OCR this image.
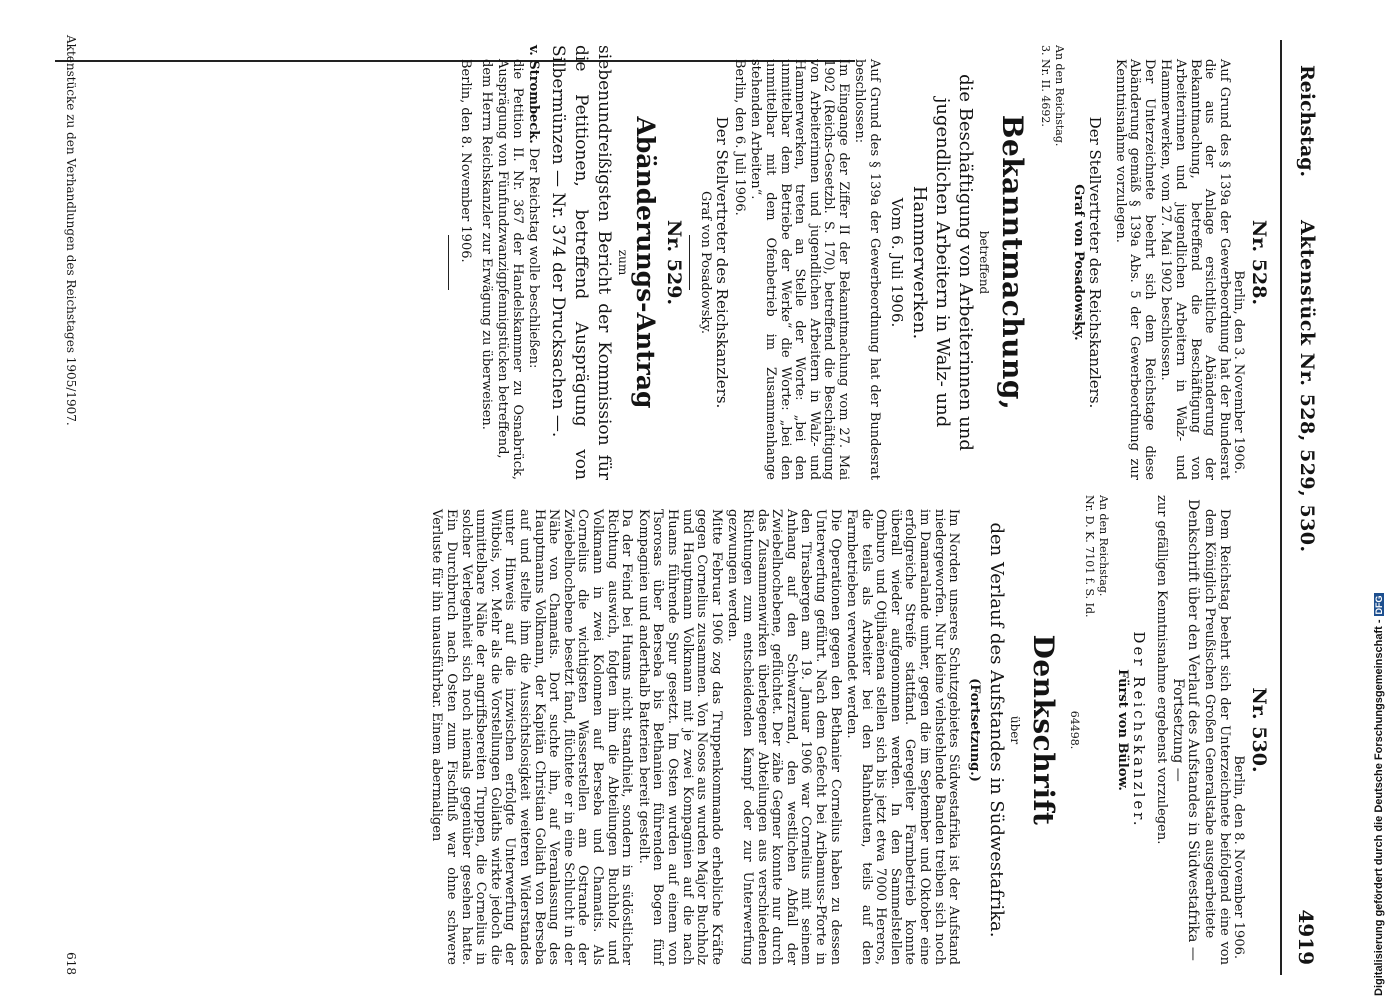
Reichstag.
Aktenstück Nr. 528, 529, 530.
4919
Nr. 528.
Berlin, den 3. November 1906.

Auf Grund des § 139a der Gewerbeordnung hat der Bundesrat die aus der Anlage ersichtliche Abänderung der Bekanntmachung, betreffend die Beschäftigung von Arbeiterinnen und jugendlichen Arbeitern in Walz- und Hammerwerken, vom 27. Mai 1902 beschlossen.

Der Unterzeichnete beehrt sich dem Reichstage diese Abänderung gemäß § 139a Abs. 5 der Gewerbeordnung zur Kenntnisnahme vorzulegen.

Der Stellvertreter des Reichskanzlers.
Graf von Posadowsky.
An den Reichstag.
3. Nr. II. 4692.
Bekanntmachung,
betreffend
die Beschäftigung von Arbeiterinnen und jugendlichen Arbeitern in Walz- und Hammerwerken.
Vom 6. Juli 1906.

Auf Grund des § 139a der Gewerbeordnung hat der Bundesrat beschlossen:

Im Eingange der Ziffer II der Bekanntmachung vom 27. Mai 1902 (Reichs-Gesetzbl. S. 170), betreffend die Beschäftigung von Arbeiterinnen und jugendlichen Arbeitern in Walz- und Hammerwerken, treten an Stelle der Worte: „bei den unmittelbar dem Betriebe der Werke“ die Worte: „bei den unmittelbar mit dem Ofenbetrieb im Zusammenhange stehenden Arbeiten“.

Berlin, den 6. Juli 1906.
Der Stellvertreter des Reichskanzlers.
Graf von Posadowsky.
Nr. 529.
Abänderungs-Antrag
zum
siebenundreißigsten Bericht der Kommission für die Petitionen, betreffend Ausprägung von Silbermünzen — Nr. 374 der Drucksachen —.

v. Strombeck. Der Reichstag wolle beschließen:

die Petition II. Nr. 367 der Handelskammer zu Osnabrück, Ausprägung von Fünfundzwanzigpfennigstücken betreffend,

dem Herrn Reichskanzler zur Erwägung zu überweisen.

Berlin, den 8. November 1906.
Nr. 530.
Berlin, den 8. November 1906.

Dem Reichstag beehrt sich der Unterzeichnete beifolgend eine von dem Königlich Preußischen Großen Generalstabe ausgearbeitete

Denkschrift über den Verlauf des Aufstandes in Südwestafrika — Fortsetzung —

zur gefälligen Kenntnisnahme ergebenst vorzulegen.

Der Reichskanzler.
Fürst von Bülow.
An den Reichstag.
Nr. D. K. 7101 f. S. Id.
64498.
Denkschrift
über
den Verlauf des Aufstandes in Südwestafrika.
(Fortsetzung.)

Im Norden unseres Schutzgebietes Südwestafrika ist der Aufstand niedergeworfen. Nur kleine viehstehlende Banden treiben sich noch im Damaralande umher, gegen die im September und Oktober eine erfolgreiche Streife stattfand. Geregelter Farmbetrieb konnte überall wieder aufgenommen werden. In den Sammelstellen Omburo und Otjihaënena stellen sich bis jetzt etwa 7000 Hereros, die teils als Arbeiter bei den Bahnbauten, teils auf den Farmbetrieben verwendet werden.

Die Operationen gegen den Bethanier Cornelius haben zu dessen Unterwerfung geführt. Nach dem Gefecht bei Aribamuss-Pforte in den Tirasbergen am 19. Januar 1906 war Cornelius mit seinem Anhang auf den Schwarzrand, den westlichen Abfall der Zwiebelhochebene, geflüchtet. Der zähe Gegner konnte nur durch das Zusammenwirken überlegener Abteilungen aus verschiedenen Richtungen zum entscheidenden Kampf oder zur Unterwerfung gezwungen werden.

Mitte Februar 1906 zog das Truppenkommando erhebliche Kräfte gegen Cornelius zusammen. Von Nosos aus wurden Major Buchholz und Hauptmann Volkmann mit je zwei Kompagnien auf die nach Huams führende Spur gesetzt. Im Osten wurden auf einem von Tsorosas über Berseba bis Bethanien führenden Bogen fünf Kompagnien und anderthalb Batterien bereit gestellt.

Da der Feind bei Huams nicht standhielt, sondern in südöstlicher Richtung auswich, folgten ihm die Abteilungen Buchholz und Volkmann in zwei Kolonnen auf Berseba und Chamatis. Als Cornelius die wichtigsten Wasserstellen am Ostrande der Zwiebelhochebene besetzt fand, flüchtete er in eine Schlucht in der Nähe von Chamatis. Dort suchte ihn, auf Veranlassung des Hauptmanns Volkmann, der Kapitän Christian Goliath von Berseba auf und stellte ihm die Aussichtslosigkeit weiteren Widerstandes unter Hinweis auf die inzwischen erfolgte Unterwerfung der Witbois, vor. Mehr als die Vorstellungen Goliaths wirkte jedoch die unmittelbare Nähe der angriffsbereiten Truppen, die Cornelius in solcher Verlegenheit sich noch niemals gegenüber gesehen hatte. Ein Durchbruch nach Osten zum Fischfluß war ohne schwere Verluste für ihn unausführbar. Einem abermaligen

Aktenstücke zu den Verhandlungen des Reichstages 1905/1907.
618	Digitalisierung gefördert durch die Deutsche Forschungsgemeinschaft -DFG
